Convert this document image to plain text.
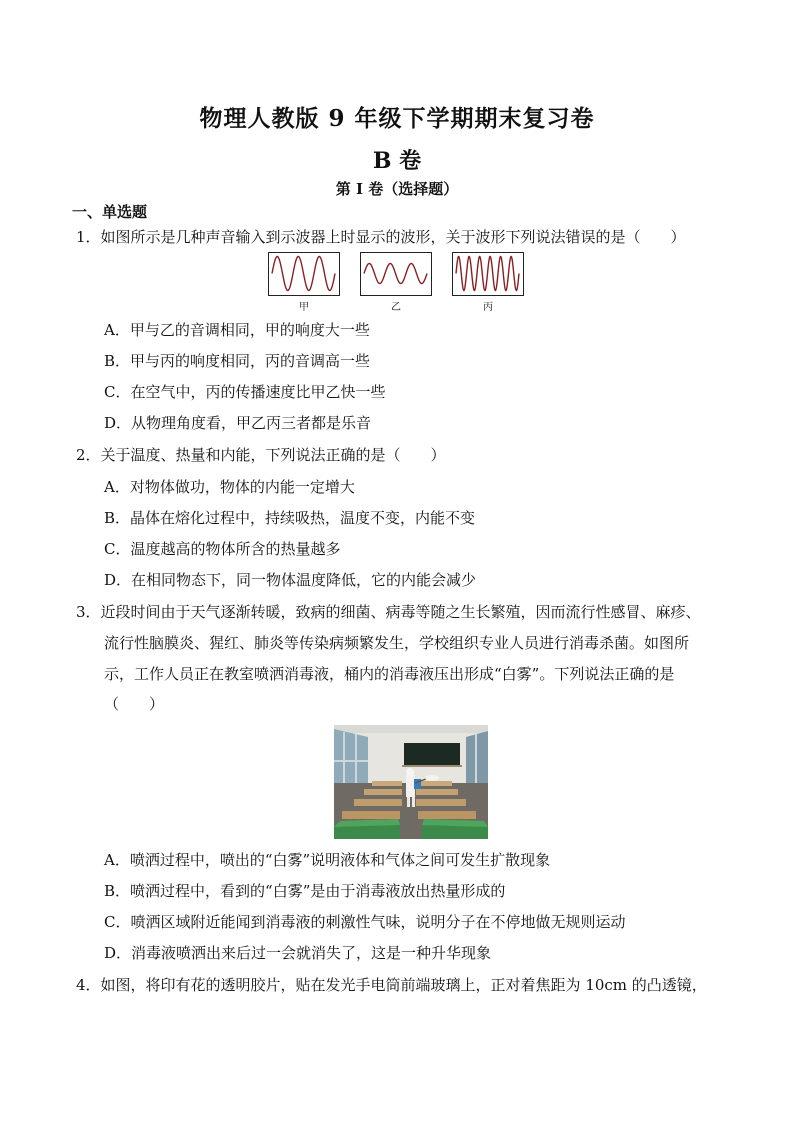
物理人教版 9 年级下学期期末复习卷
B 卷
第 I 卷（选择题）
一、单选题
1．如图所示是几种声音输入到示波器上时显示的波形，关于波形下列说法错误的是（　　）
甲	乙	丙
A．甲与乙的音调相同，甲的响度大一些
B．甲与丙的响度相同，丙的音调高一些
C．在空气中，丙的传播速度比甲乙快一些
D．从物理角度看，甲乙丙三者都是乐音
2．关于温度、热量和内能，下列说法正确的是（　　）
A．对物体做功，物体的内能一定增大
B．晶体在熔化过程中，持续吸热，温度不变，内能不变
C．温度越高的物体所含的热量越多
D．在相同物态下，同一物体温度降低，它的内能会减少
3．近段时间由于天气逐渐转暖，致病的细菌、病毒等随之生长繁殖，因而流行性感冒、麻疹、
流行性脑膜炎、猩红、肺炎等传染病频繁发生，学校组织专业人员进行消毒杀菌。如图所
示，工作人员正在教室喷洒消毒液，桶内的消毒液压出形成“白雾”。下列说法正确的是
（　　）
A．喷洒过程中，喷出的“白雾”说明液体和气体之间可发生扩散现象
B．喷洒过程中，看到的“白雾”是由于消毒液放出热量形成的
C．喷洒区域附近能闻到消毒液的刺激性气味，说明分子在不停地做无规则运动
D．消毒液喷洒出来后过一会就消失了，这是一种升华现象
4．如图，将印有花的透明胶片，贴在发光手电筒前端玻璃上，正对着焦距为 10cm 的凸透镜，
